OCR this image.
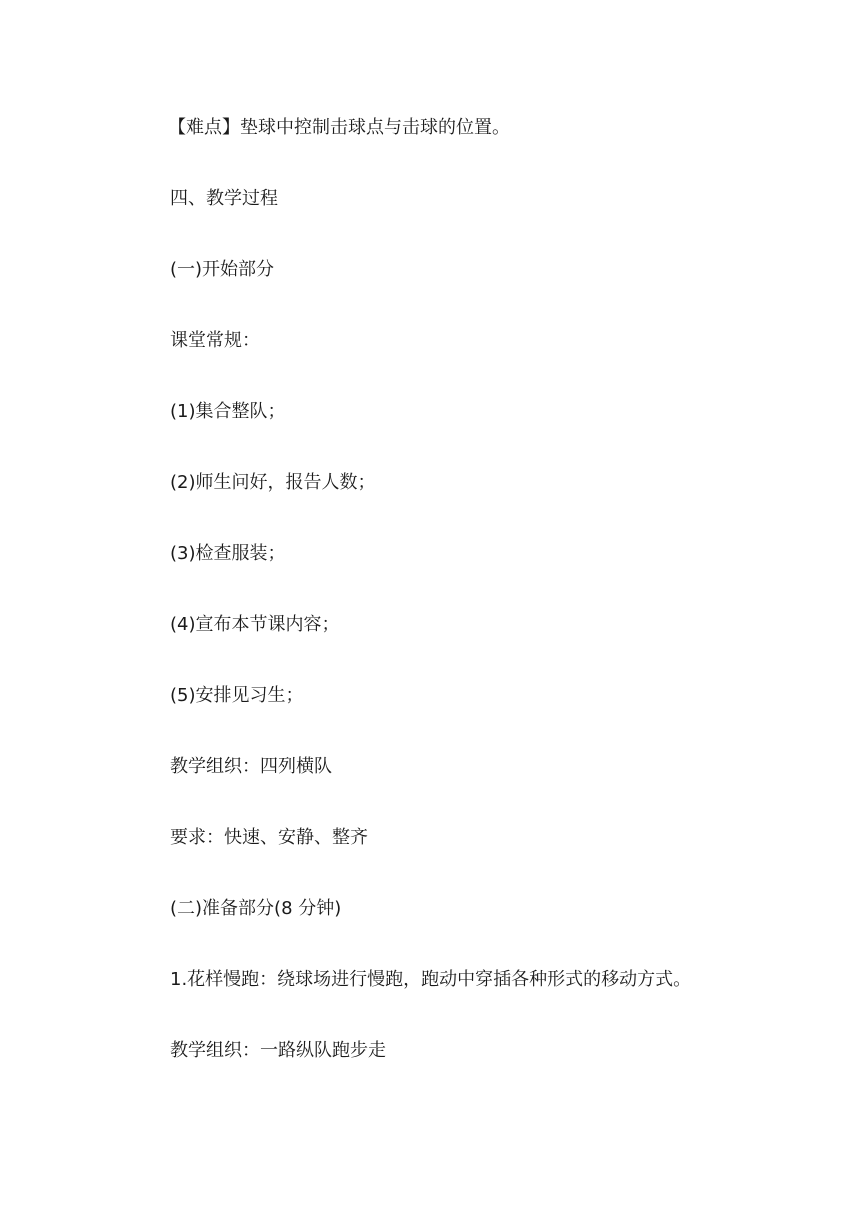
【难点】垫球中控制击球点与击球的位置。
四、教学过程
(一)开始部分
课堂常规：
(1)集合整队；
(2)师生问好，报告人数；
(3)检查服装；
(4)宣布本节课内容；
(5)安排见习生；
教学组织：四列横队
要求：快速、安静、整齐
(二)准备部分(8 分钟)
1.花样慢跑：绕球场进行慢跑，跑动中穿插各种形式的移动方式。
教学组织：一路纵队跑步走
